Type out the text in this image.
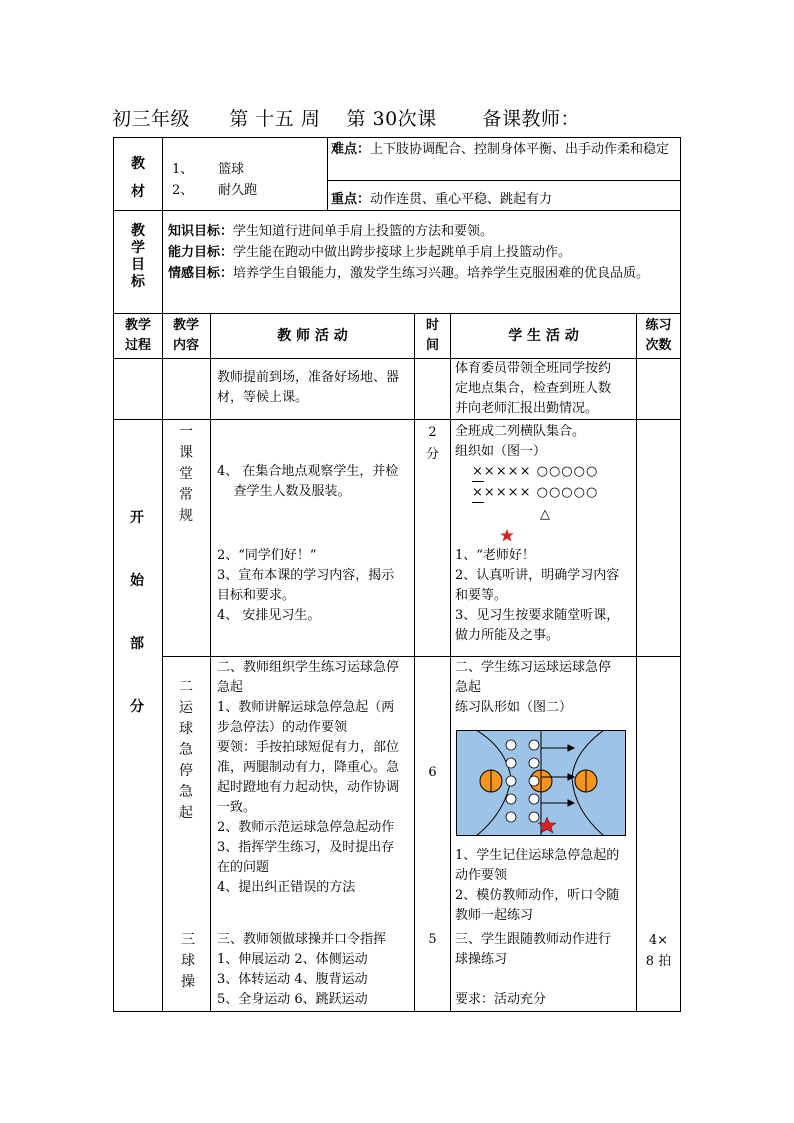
初三年级      第 十五 周    第 30次课       备课教师：
教
材
1、      篮球
2、      耐久跑
难点：上下肢协调配合、控制身体平衡、出手动作柔和稳定
重点：动作连贯、重心平稳、跳起有力
教
学
目
标
知识目标：学生知道行进间单手肩上投篮的方法和要领。
能力目标：学生能在跑动中做出跨步接球上步起跳单手肩上投篮动作。
情感目标：培养学生自锻能力，激发学生练习兴趣。培养学生克服困难的优良品质。
教学
过程
教学
内容
教 师 活 动
时
间
学 生 活 动
练习
次数
教师提前到场，准备好场地、器
材，等候上课。
体育委员带领全班同学按约
定地点集合，检查到班人数
并向老师汇报出勤情况。
开
始
部
分
一
课
堂
常
规

4、 在集合地点观察学生，并检
查学生人数及服装。

2、“同学们好！”
3、宣布本课的学习内容，揭示
目标和要求。
4、 安排见习生。
2
分
全班成二列横队集合。
组织如（图一）
××××× ○○○○○
××××× ○○○○○
△
1、“老师好！
2、认真听讲，明确学习内容
和要等。
3、见习生按要求随堂听课，
做力所能及之事。
二
运
球
急
停
急
起
二、教师组织学生练习运球急停
急起
1、教师讲解运球急停急起（两
步急停法）的动作要领
要领：手按拍球短促有力，部位
准，两腿制动有力，降重心。急
起时蹬地有力起动快，动作协调
一致。
2、教师示范运球急停急起动作
3、指挥学生练习，及时提出存
在的问题
4、提出纠正错误的方法
6
二、学生练习运球运球急停
急起
练习队形如（图二）
1、学生记住运球急停急起的
动作要领
2、模仿教师动作，听口令随
教师一起练习
三
球
操
三、教师领做球操并口令指挥
1、伸展运动 2、体侧运动
3、体转运动 4、腹背运动
5、全身运动 6、跳跃运动
5	三、学生跟随教师动作进行
球操练习
要求：活动充分
4×
8 拍
